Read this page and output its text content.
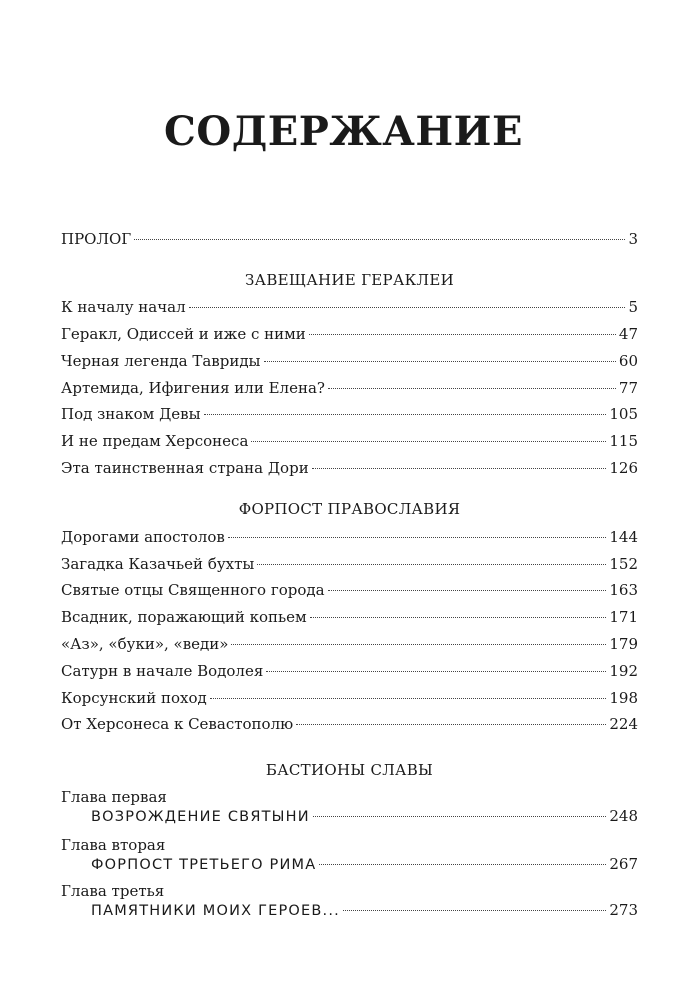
СОДЕРЖАНИЕ
ПРОЛОГ	3
ЗАВЕЩАНИЕ ГЕРАКЛЕИ
К началу начал	5
Геракл, Одиссей и иже с ними	47
Черная легенда Тавриды	60
Артемида, Ифигения или Елена?	77
Под знаком Девы	105
И не предам Херсонеса	115
Эта таинственная страна Дори	126
ФОРПОСТ ПРАВОСЛАВИЯ
Дорогами апостолов	144
Загадка Казачьей бухты	152
Святые отцы Священного города	163
Всадник, поражающий копьем	171
«Аз», «буки», «веди»	179
Сатурн в начале Водолея	192
Корсунский поход	198
От Херсонеса к Севастополю	224
БАСТИОНЫ СЛАВЫ
Глава первая
ВОЗРОЖДЕНИЕ СВЯТЫНИ	248
Глава вторая
ФОРПОСТ ТРЕТЬЕГО РИМА	267
Глава третья
ПАМЯТНИКИ МОИХ ГЕРОЕВ...	273
